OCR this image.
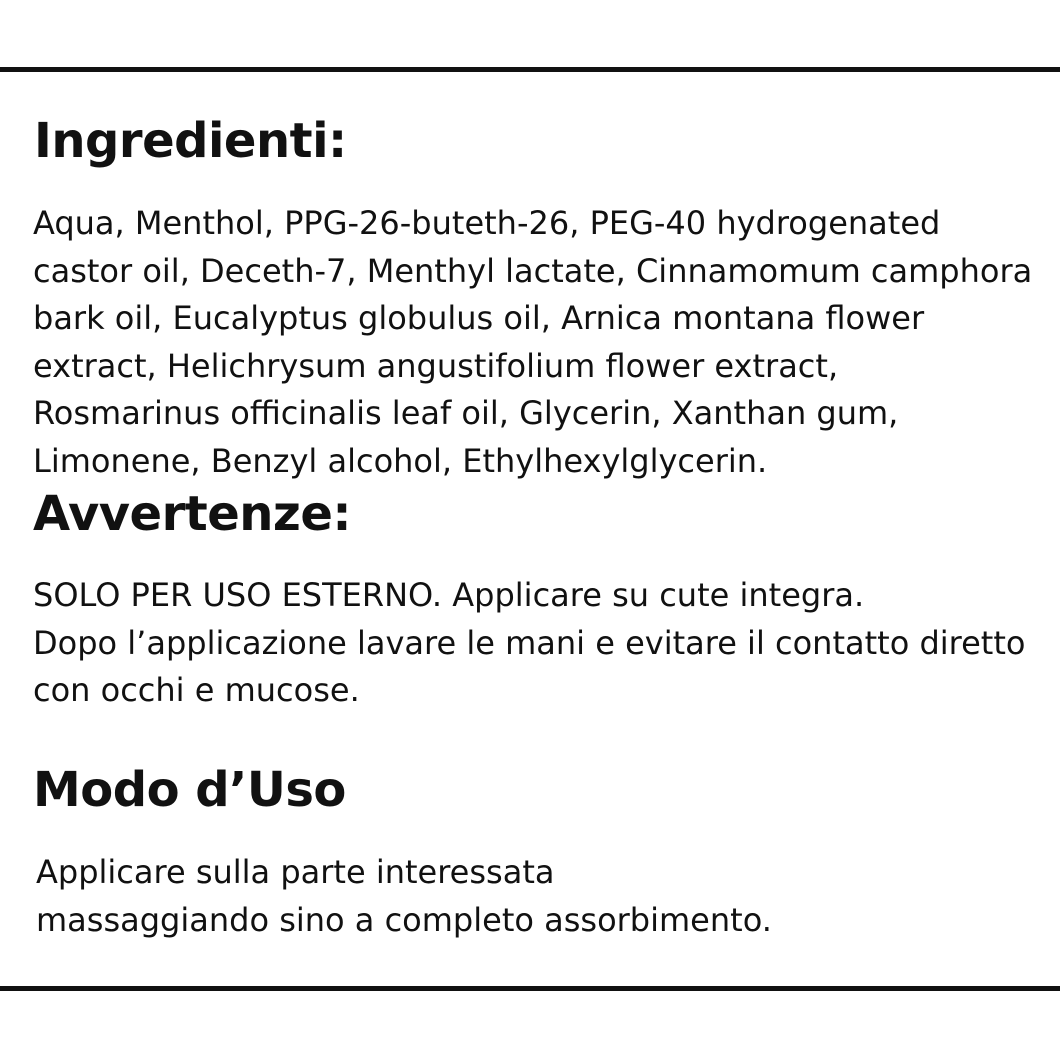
Ingredienti:
Aqua, Menthol, PPG-26-buteth-26, PEG-40 hydrogenated
castor oil, Deceth-7, Menthyl lactate, Cinnamomum camphora
bark oil, Eucalyptus globulus oil, Arnica montana flower
extract, Helichrysum angustifolium flower extract,
Rosmarinus officinalis leaf oil, Glycerin, Xanthan gum,
Limonene, Benzyl alcohol, Ethylhexylglycerin.
Avvertenze:
SOLO PER USO ESTERNO. Applicare su cute integra.
Dopo l’applicazione lavare le mani e evitare il contatto diretto
con occhi e mucose.
Modo d’Uso
Applicare sulla parte interessata
massaggiando sino a completo assorbimento.
